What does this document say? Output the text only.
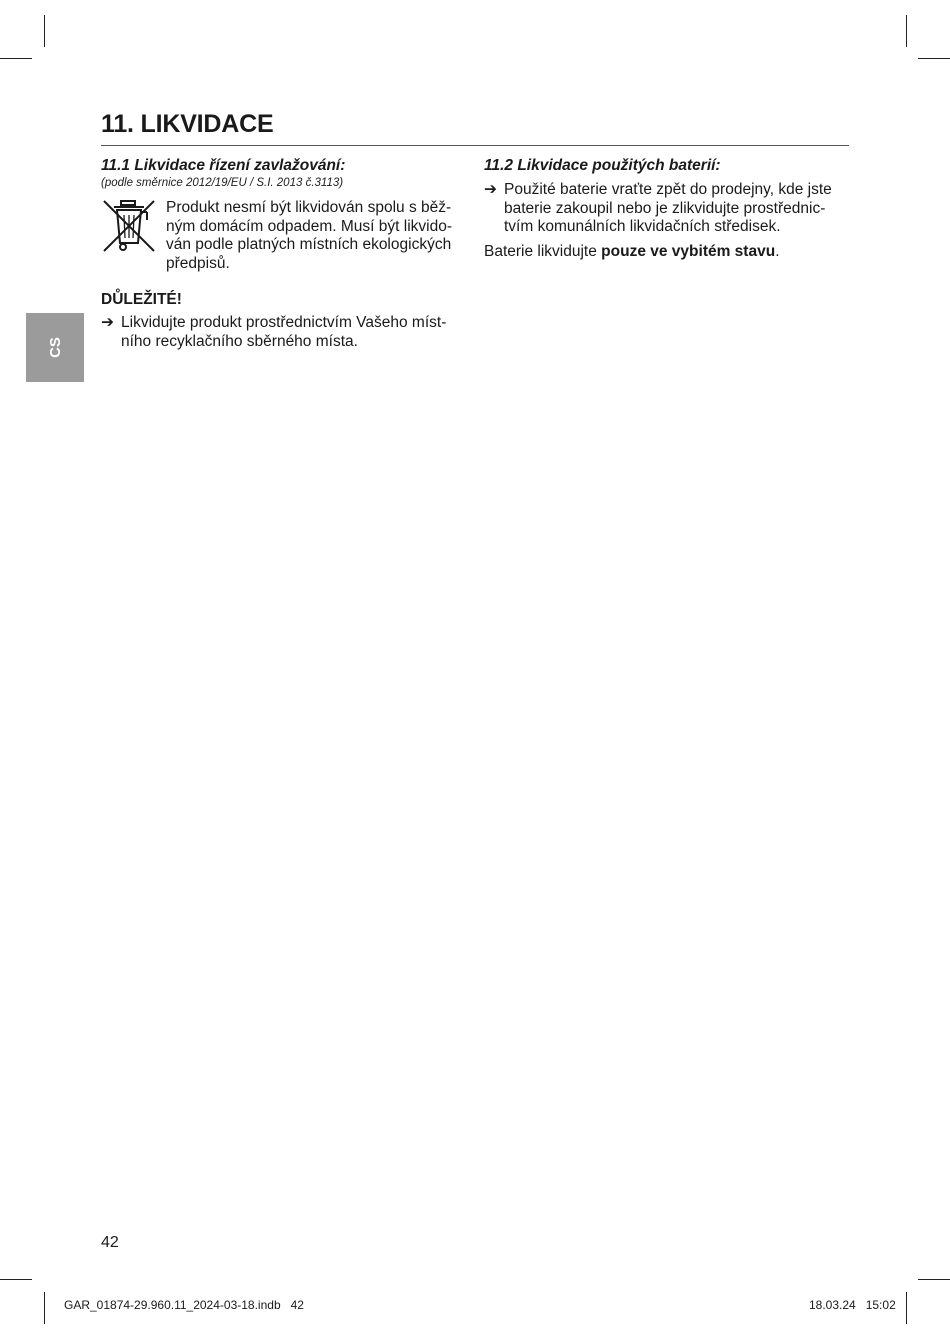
11. LIKVIDACE

11.1 Likvidace řízení zavlažování:

(podle směrnice 2012/19/EU / S.I. 2013 č.3113)

Produkt nesmí být likvidován spolu s běžným domácím odpadem. Musí být likvidován podle platných místních ekologických předpisů.

DŮLEŽITÉ!

➔ Likvidujte produkt prostřednictvím Vašeho místního recyklačního sběrného místa.

11.2 Likvidace použitých baterií:

➔ Použité baterie vraťte zpět do prodejny, kde jste baterie zakoupil nebo je zlikvidujte prostřednictvím komunálních likvidačních středisek.

Baterie likvidujte pouze ve vybitém stavu.

CS
42
GAR_01874-29.960.11_2024-03-18.indb   42	18.03.24   15:02
